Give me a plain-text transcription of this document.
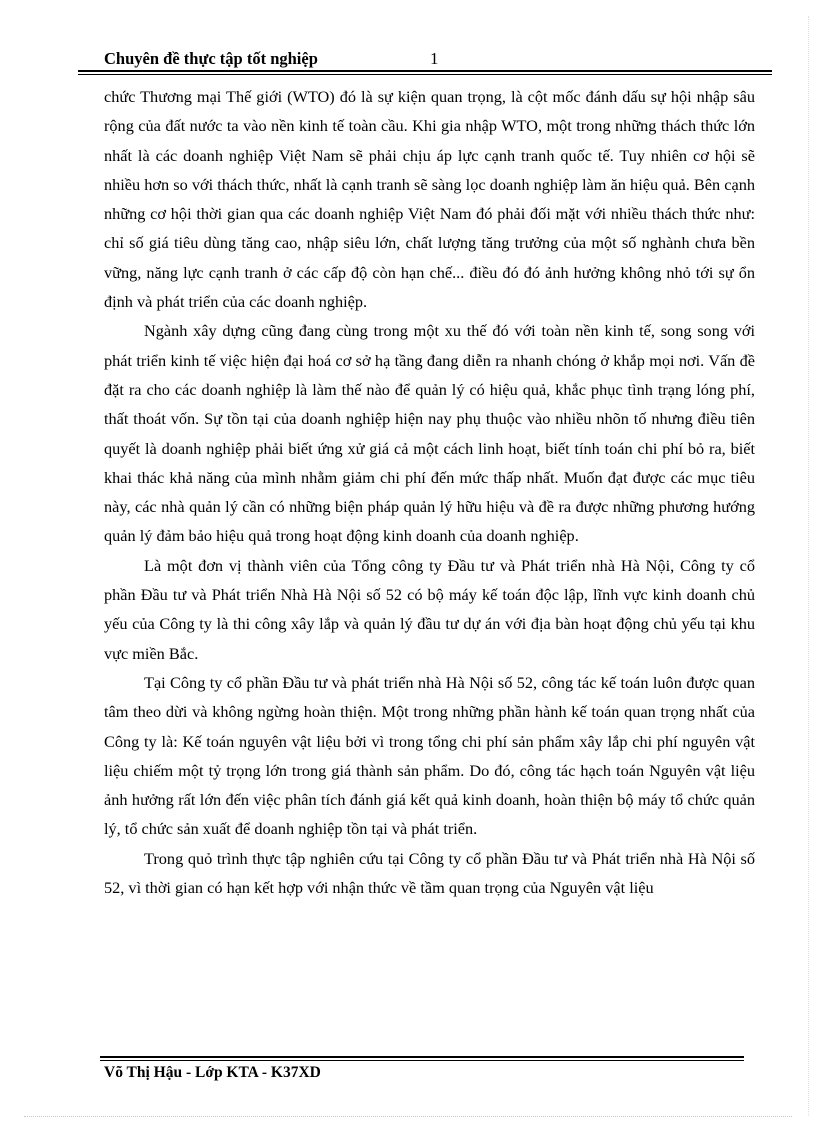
Chuyên đề thực tập tốt nghiệp	1

chức Thương mại Thế giới (WTO) đó là sự kiện quan trọng, là cột mốc đánh dấu sự hội nhập sâu rộng của đất nước ta vào nền kinh tế toàn cầu. Khi gia nhập WTO, một trong những thách thức lớn nhất là các doanh nghiệp Việt Nam sẽ phải chịu áp lực cạnh tranh quốc tế. Tuy nhiên cơ hội sẽ nhiều hơn so với thách thức, nhất là cạnh tranh sẽ sàng lọc doanh nghiệp làm ăn hiệu quả. Bên cạnh những cơ hội thời gian qua các doanh nghiệp Việt Nam đó phải đối mặt với nhiều thách thức như: chỉ số giá tiêu dùng tăng cao, nhập siêu lớn, chất lượng tăng trưởng của một số nghành chưa bền vững, năng lực cạnh tranh ở các cấp độ còn hạn chế... điều đó đó ảnh hưởng không nhỏ tới sự ổn định và phát triển của các doanh nghiệp.

Ngành xây dựng cũng đang cùng trong một xu thế đó với toàn nền kinh tế, song song với phát triển kinh tế việc hiện đại hoá cơ sở hạ tầng đang diễn ra nhanh chóng ở khắp mọi nơi. Vấn đề đặt ra cho các doanh nghiệp là làm thế nào để quản lý có hiệu quả, khắc phục tình trạng lóng phí, thất thoát vốn. Sự tồn tại của doanh nghiệp hiện nay phụ thuộc vào nhiều nhõn tố nhưng điều tiên quyết là doanh nghiệp phải biết ứng xử giá cả một cách linh hoạt, biết tính toán chi phí bỏ ra, biết khai thác khả năng của mình nhằm giảm chi phí đến mức thấp nhất. Muốn đạt được các mục tiêu này, các nhà quản lý cần có những biện pháp quản lý hữu hiệu và đề ra được những phương hướng quản lý đảm bảo hiệu quả trong hoạt động kinh doanh của doanh nghiệp.

Là một đơn vị thành viên của Tổng công ty Đầu tư và Phát triển nhà Hà Nội, Công ty cổ phần Đầu tư và Phát triển Nhà Hà Nội số 52 có bộ máy kế toán độc lập, lĩnh vực kinh doanh chủ yếu của Công ty là thi công xây lắp và quản lý đầu tư dự án với địa bàn hoạt động chủ yếu tại khu vực miền Bắc.

Tại Công ty cổ phần Đầu tư và phát triển nhà Hà Nội số 52, công tác kế toán luôn được quan tâm theo dừi và không ngừng hoàn thiện. Một trong những phần hành kế toán quan trọng nhất của Công ty là: Kế toán nguyên vật liệu bởi vì trong tổng chi phí sản phẩm xây lắp chi phí nguyên vật liệu chiếm một tỷ trọng lớn trong giá thành sản phẩm. Do đó, công tác hạch toán Nguyên vật liệu ảnh hưởng rất lớn đến việc phân tích đánh giá kết quả kinh doanh, hoàn thiện bộ máy tổ chức quản lý, tổ chức sản xuất để doanh nghiệp tồn tại và phát triển.

Trong quỏ trình thực tập nghiên cứu tại Công ty cổ phần Đầu tư và Phát triển nhà Hà Nội số 52, vì thời gian có hạn kết hợp với nhận thức về tầm quan trọng của Nguyên vật liệu

Võ Thị Hậu - Lớp KTA - K37XD
